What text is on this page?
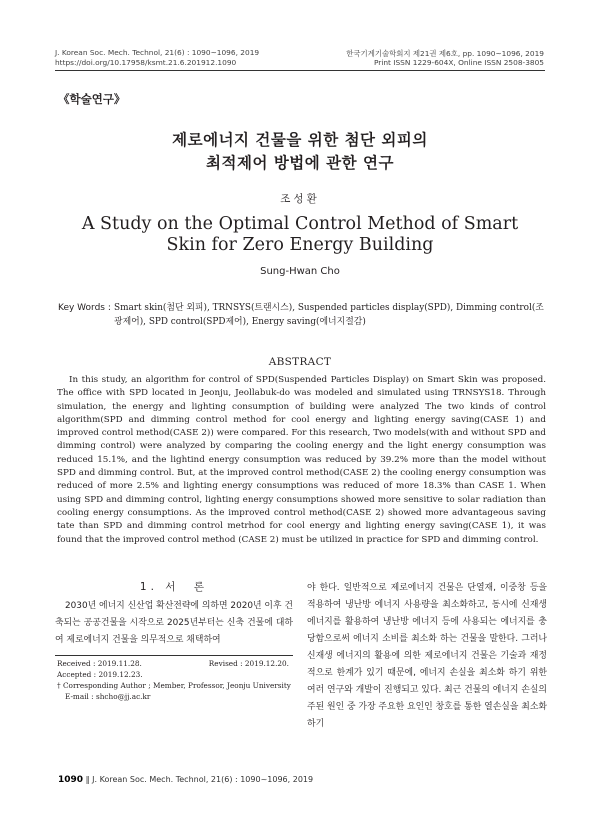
J. Korean Soc. Mech. Technol, 21(6) : 1090~1096, 2019
https://doi.org/10.17958/ksmt.21.6.201912.1090
한국기계기술학회지 제21권 제6호, pp. 1090~1096, 2019
Print ISSN 1229-604X, Online ISSN 2508-3805
《학술연구》
제로에너지 건물을 위한 첨단 외피의
최적제어 방법에 관한 연구
조성환
A Study on the Optimal Control Method of Smart Skin for Zero Energy Building
Sung-Hwan Cho
Key Words : Smart skin(첨단 외피), TRNSYS(트랜시스), Suspended particles display(SPD), Dimming control(조광제어), SPD control(SPD제어), Energy saving(에너지절감)
ABSTRACT
In this study, an algorithm for control of SPD(Suspended Particles Display) on Smart Skin was proposed. The office with SPD located in Jeonju, Jeollabuk-do was modeled and simulated using TRNSYS18. Through simulation, the energy and lighting consumption of building were analyzed The two kinds of control algorithm(SPD and dimming control method for cool energy and lighting energy saving(CASE 1) and improved control method(CASE 2)) were compared. For this research, Two models(with and without SPD and dimming control) were analyzed by comparing the cooling energy and the light energy consumption was reduced 15.1%, and the lightind energy consumption was reduced by 39.2% more than the model without SPD and dimming control. But, at the improved control method(CASE 2) the cooling energy consumption was reduced of more 2.5% and lighting energy consumptions was reduced of more 18.3% than CASE 1. When using SPD and dimming control, lighting energy consumptions showed more sensitive to solar radiation than cooling energy consumptions. As the improved control method(CASE 2) showed more advantageous saving tate than SPD and dimming control metrhod for cool energy and lighting energy saving(CASE 1), it was found that the improved control method (CASE 2) must be utilized in practice for SPD and dimming control.
1. 서　론
2030년 에너지 신산업 확산전략에 의하면 2020년 이후 건축되는 공공건물을 시작으로 2025년부터는 신축 건물에 대하여 제로에너지 건물을 의무적으로 채택하여
야 한다. 일반적으로 제로에너지 건물은 단열재, 이중창 등을 적용하여 냉난방 에너지 사용량을 최소화하고, 동시에 신재생 에너지를 활용하여 냉난방 에너지 등에 사용되는 에너지를 충당함으로써 에너지 소비를 최소화 하는 건물을 말한다. 그러나 신재생 에너지의 활용에 의한 제로에너지 건물은 기술과 재정적으로 한계가 있기 때문에, 에너지 손실을 최소화 하기 위한 여러 연구와 개발이 진행되고 있다. 최근 건물의 에너지 손실의 주된 원인 중 가장 주요한 요인인 창호를 통한 열손실을 최소화하기
Received : 2019.11.28.	Revised : 2019.12.20.
Accepted : 2019.12.23.
† Corresponding Author ; Member, Professor, Jeonju University
E-mail : shcho@jj.ac.kr
1090 ‖ J. Korean Soc. Mech. Technol, 21(6) : 1090~1096, 2019
